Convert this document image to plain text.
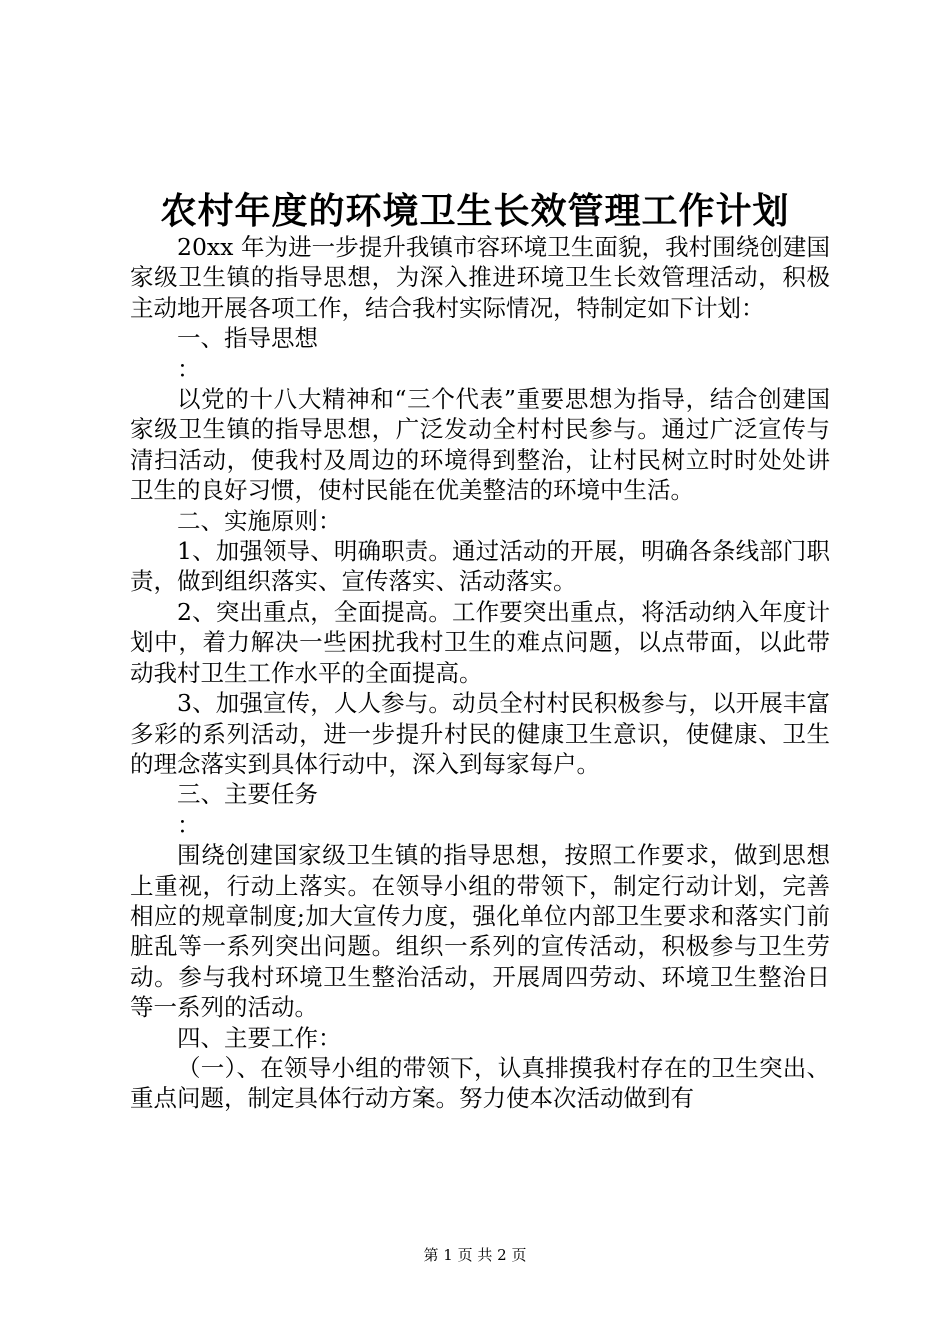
农村年度的环境卫生长效管理工作计划

20xx 年为进一步提升我镇市容环境卫生面貌，我村围绕创建国家级卫生镇的指导思想，为深入推进环境卫生长效管理活动，积极主动地开展各项工作，结合我村实际情况，特制定如下计划：

一、指导思想

：

以党的十八大精神和“三个代表”重要思想为指导，结合创建国家级卫生镇的指导思想，广泛发动全村村民参与。通过广泛宣传与清扫活动，使我村及周边的环境得到整治，让村民树立时时处处讲卫生的良好习惯，使村民能在优美整洁的环境中生活。

二、实施原则：

1、加强领导、明确职责。通过活动的开展，明确各条线部门职责，做到组织落实、宣传落实、活动落实。

2、突出重点，全面提高。工作要突出重点，将活动纳入年度计划中，着力解决一些困扰我村卫生的难点问题，以点带面，以此带动我村卫生工作水平的全面提高。

3、加强宣传，人人参与。动员全村村民积极参与，以开展丰富多彩的系列活动，进一步提升村民的健康卫生意识，使健康、卫生的理念落实到具体行动中，深入到每家每户。

三、主要任务

：

围绕创建国家级卫生镇的指导思想，按照工作要求，做到思想上重视，行动上落实。在领导小组的带领下，制定行动计划，完善相应的规章制度;加大宣传力度，强化单位内部卫生要求和落实门前脏乱等一系列突出问题。组织一系列的宣传活动，积极参与卫生劳动。参与我村环境卫生整治活动，开展周四劳动、环境卫生整治日等一系列的活动。

四、主要工作：

（一）、在领导小组的带领下，认真排摸我村存在的卫生突出、重点问题，制定具体行动方案。努力使本次活动做到有

第 1 页 共 2 页
